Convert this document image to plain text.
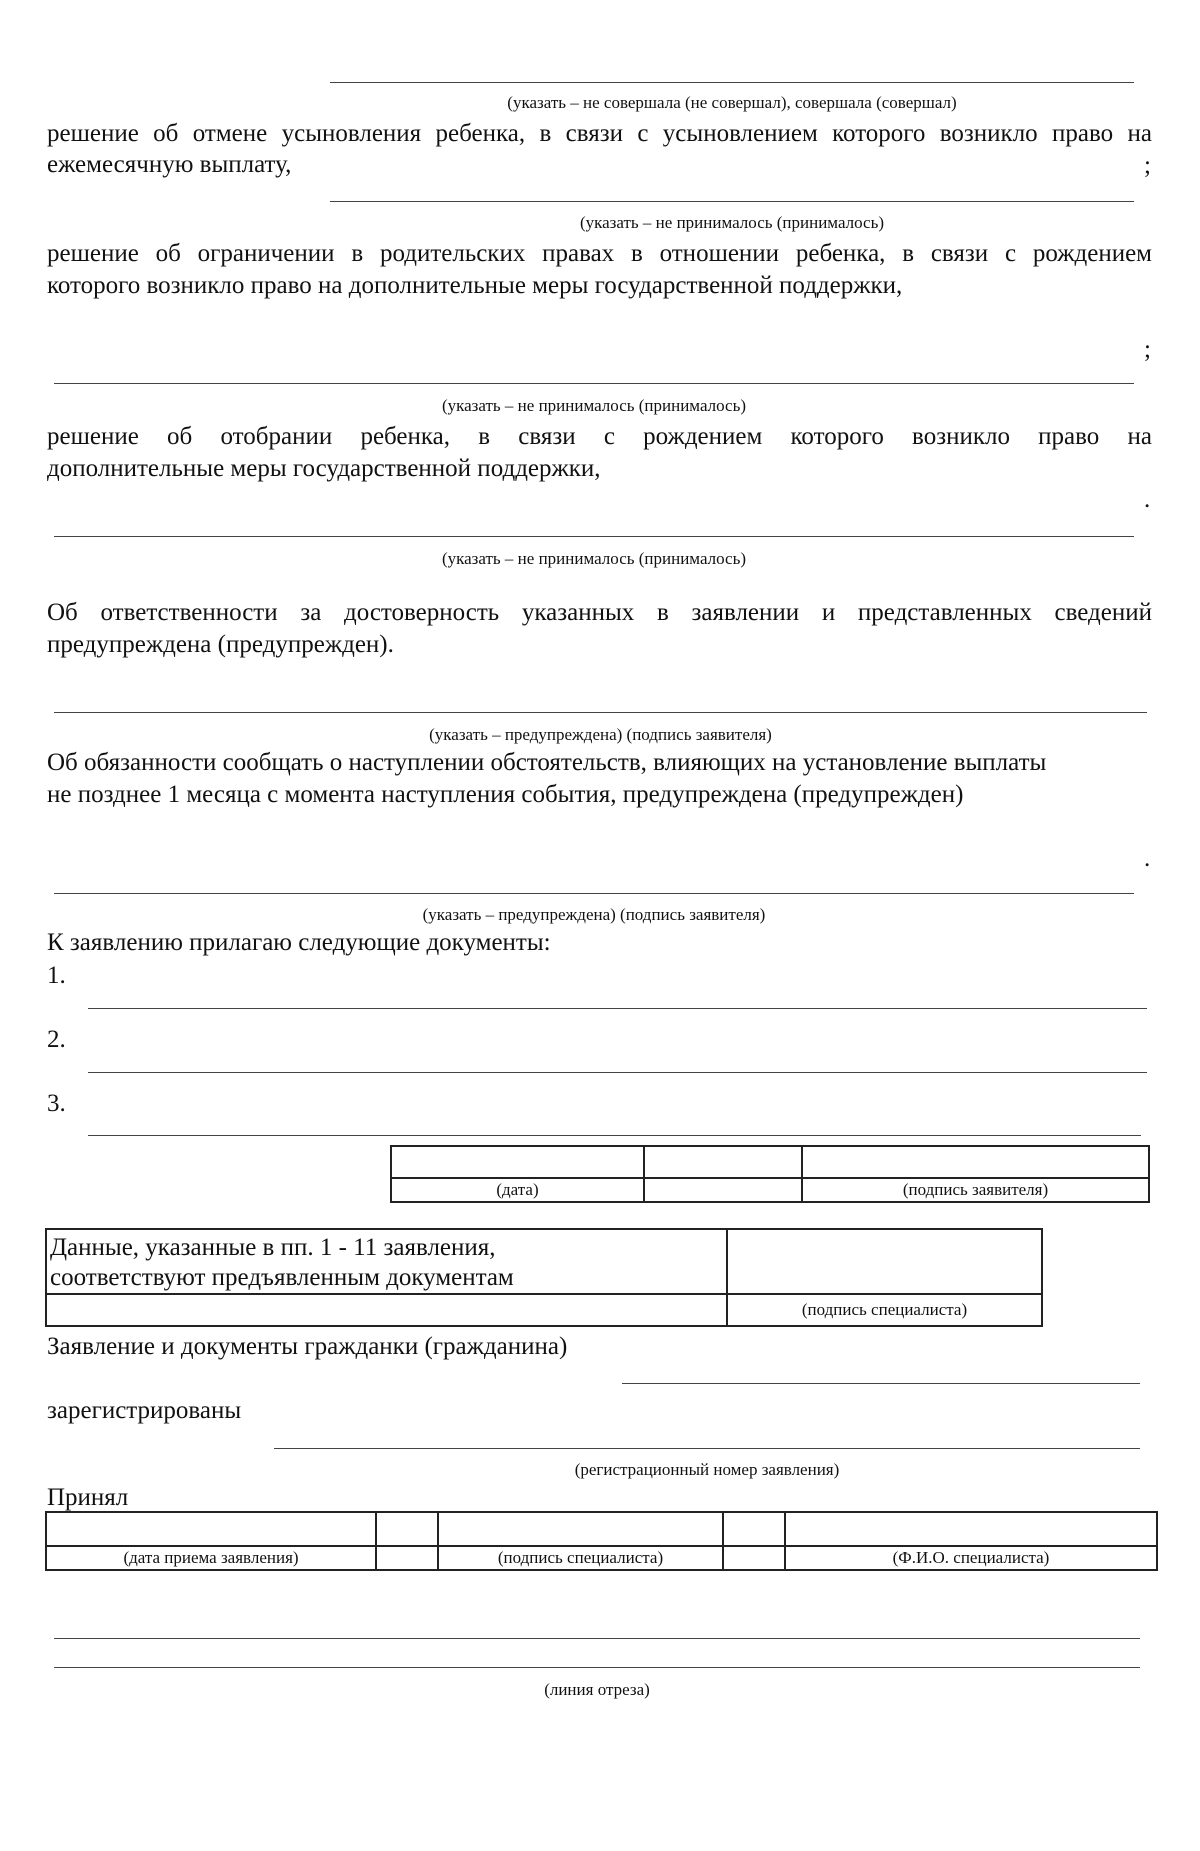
(указать – не совершала (не совершал), совершала (совершал)
решение об отмене усыновления ребенка, в связи с усыновлением которого возникло право на
ежемесячную выплату,	;
(указать – не принималось (принималось)
решение об ограничении в родительских правах в отношении ребенка, в связи с рождением
которого возникло право на дополнительные меры государственной поддержки,
;
(указать – не принималось (принималось)
решение об отобрании ребенка, в связи с рождением которого возникло право на
дополнительные меры государственной поддержки,
.
(указать – не принималось (принималось)
Об ответственности за достоверность указанных в заявлении и представленных сведений
предупреждена (предупрежден).
(указать – предупреждена) (подпись заявителя)
Об обязанности сообщать о наступлении обстоятельств, влияющих на установление выплаты
не позднее 1 месяца с момента наступления события, предупреждена (предупрежден)
.
(указать – предупреждена) (подпись заявителя)
К заявлению прилагаю следующие документы:
1.
2.
3.

(дата)		(подпись заявителя)
Данные, указанные в пп. 1 - 11 заявления,
соответствуют предъявленным документам	

	(подпись специалиста)
Заявление и документы гражданки (гражданина)
зарегистрированы
(регистрационный номер заявления)
Принял

(дата приема заявления)		(подпись специалиста)		(Ф.И.О. специалиста)
(линия отреза)
